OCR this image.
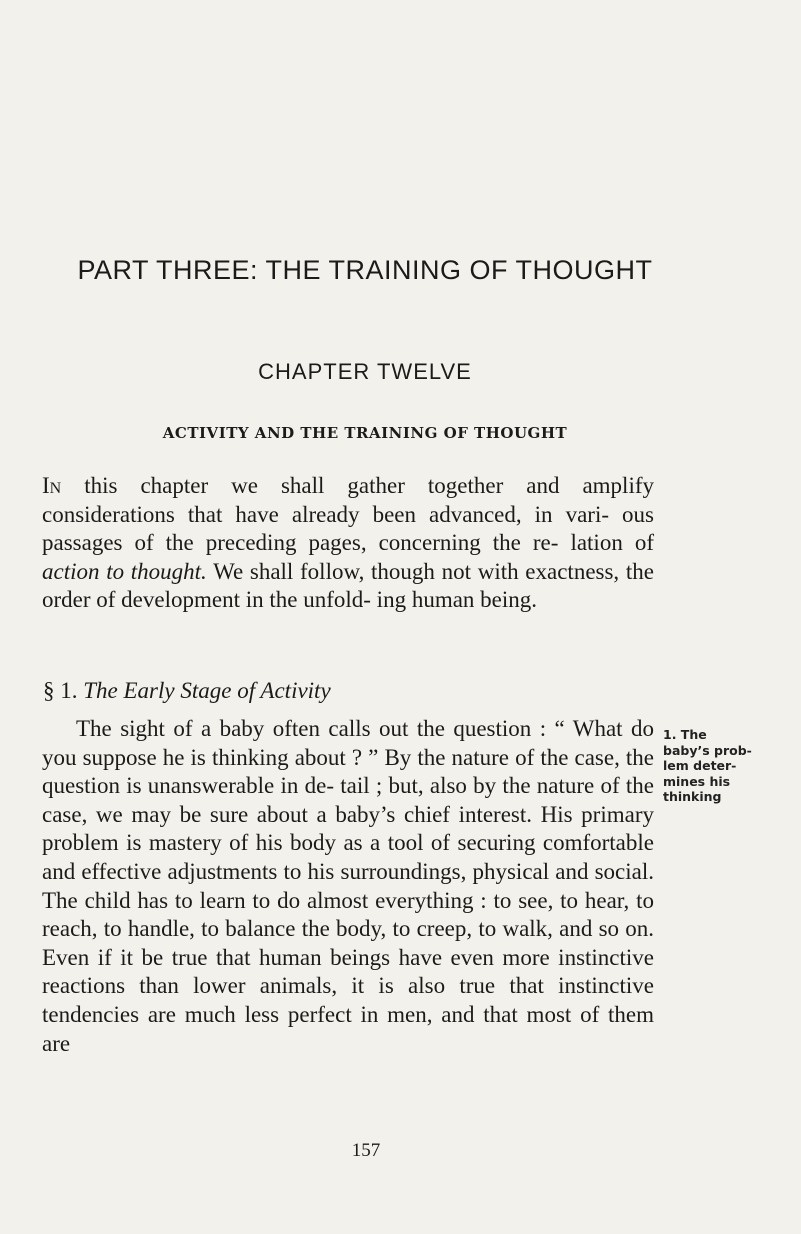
PART THREE: THE TRAINING OF THOUGHT
CHAPTER TWELVE
ACTIVITY AND THE TRAINING OF THOUGHT

In this chapter we shall gather together and amplify considerations that have already been advanced, in vari- ous passages of the preceding pages, concerning the re- lation of action to thought. We shall follow, though not with exactness, the order of development in the unfold- ing human being.

§ 1. The Early Stage of Activity

The sight of a baby often calls out the question : “ What do you suppose he is thinking about ? ” By the nature of the case, the question is unanswerable in de- tail ; but, also by the nature of the case, we may be sure about a baby’s chief interest. His primary problem is mastery of his body as a tool of securing comfortable and effective adjustments to his surroundings, physical and social. The child has to learn to do almost everything : to see, to hear, to reach, to handle, to balance the body, to creep, to walk, and so on. Even if it be true that human beings have even more instinctive reactions than lower animals, it is also true that instinctive tendencies are much less perfect in men, and that most of them are

1. The
baby’s prob-
lem deter-
mines his
thinking
157
